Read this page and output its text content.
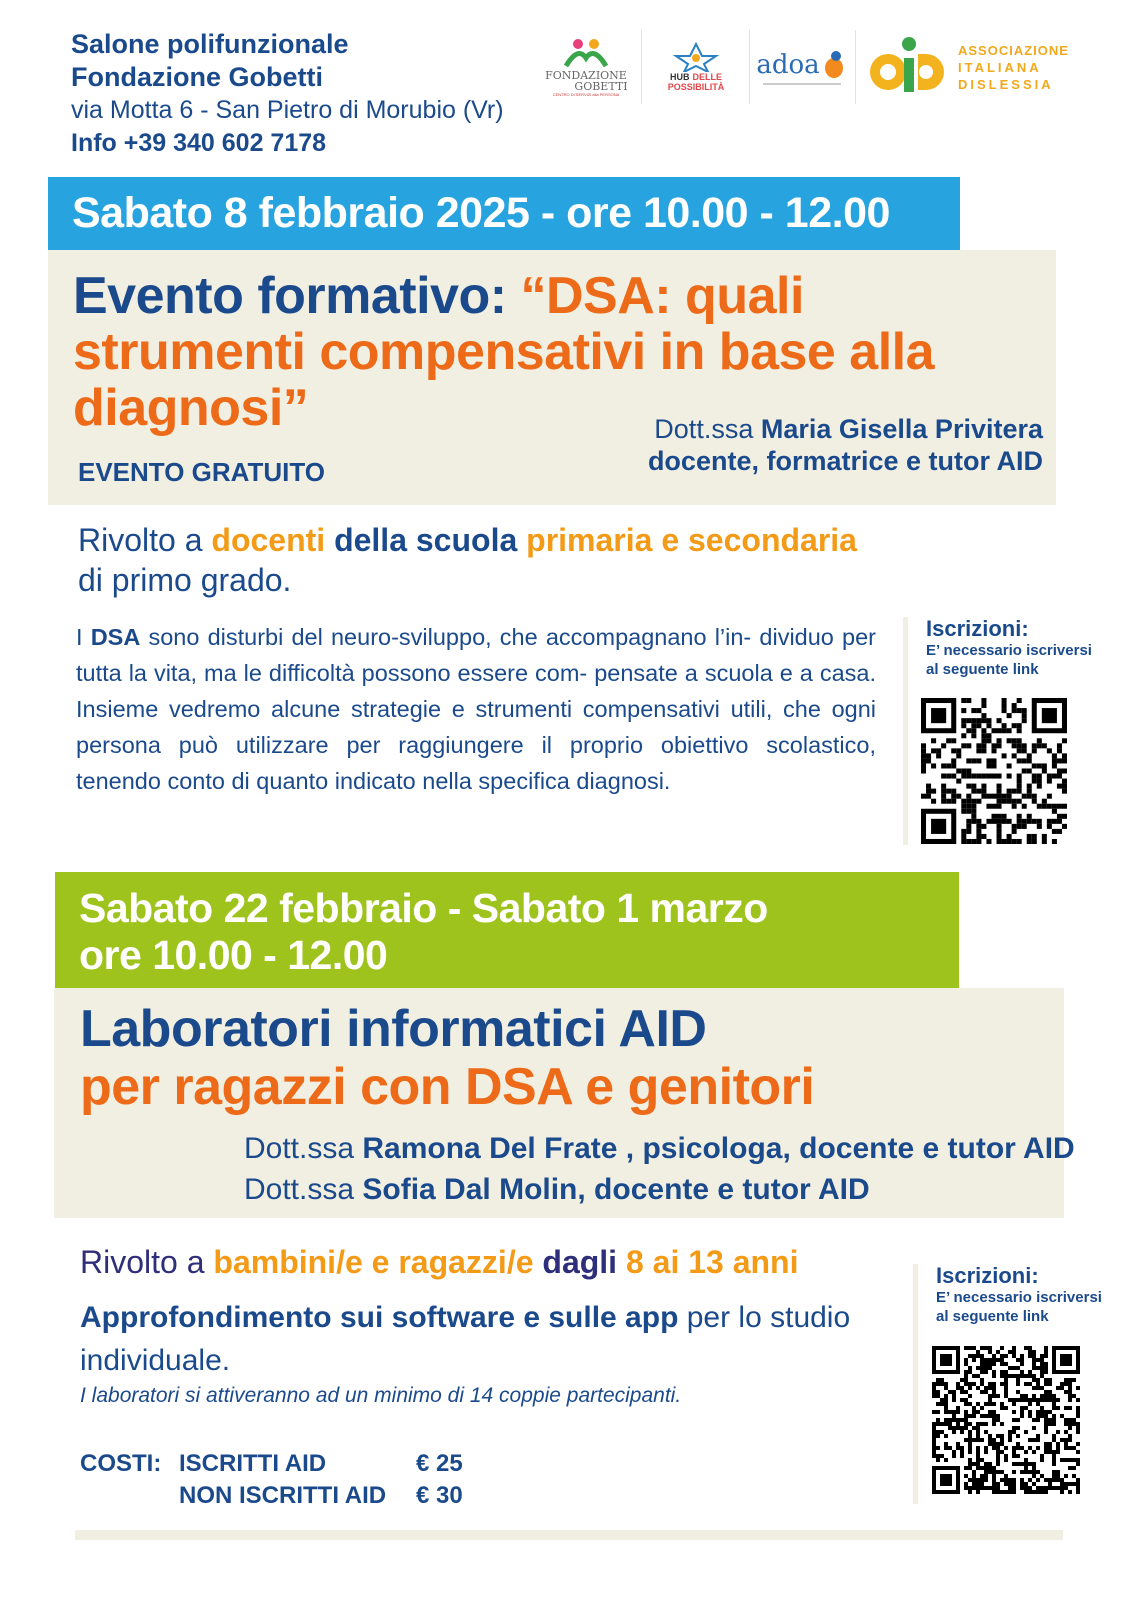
Salone polifunzionale
Fondazione Gobetti
via Motta 6 - San Pietro di Morubio (Vr)
Info +39 340 602 7178
FONDAZIONE
GOBETTI
CENTRO DI SERVIZI alla PERSONA
HUB DELLE
POSSIBILITÀ
adoa	ASSOCIAZIONE
ITALIANA
DISLESSIA
Sabato 8 febbraio 2025 - ore 10.00 - 12.00
Evento formativo: “DSA: quali strumenti compensativi in base alla diagnosi”
EVENTO GRATUITO
Dott.ssa Maria Gisella Privitera
docente, formatrice e tutor AID
Rivolto a docenti della scuola primaria e secondaria
di primo grado.
I DSA sono disturbi del neuro-sviluppo, che accompagnano l’in- dividuo per tutta la vita, ma le difficoltà possono essere com- pensate a scuola e a casa. Insieme vedremo alcune strategie e strumenti compensativi utili, che ogni persona può utilizzare per raggiungere il proprio obiettivo scolastico, tenendo conto di quanto indicato nella specifica diagnosi.
Iscrizioni:
E’ necessario iscriversi
al seguente link
Sabato 22 febbraio - Sabato 1 marzo
ore 10.00 - 12.00
Laboratori informatici AID
per ragazzi con DSA e genitori
Dott.ssa Ramona Del Frate , psicologa, docente e tutor AID
Dott.ssa Sofia Dal Molin, docente e tutor AID
Rivolto a bambini/e e ragazzi/e dagli 8 ai 13 anni
Approfondimento sui software e sulle app per lo studio individuale.
I laboratori si attiveranno ad un minimo di 14 coppie partecipanti.
COSTI: ISCRITTI AID	€ 25
NON ISCRITTI AID € 30
Iscrizioni:
E’ necessario iscriversi
al seguente link
